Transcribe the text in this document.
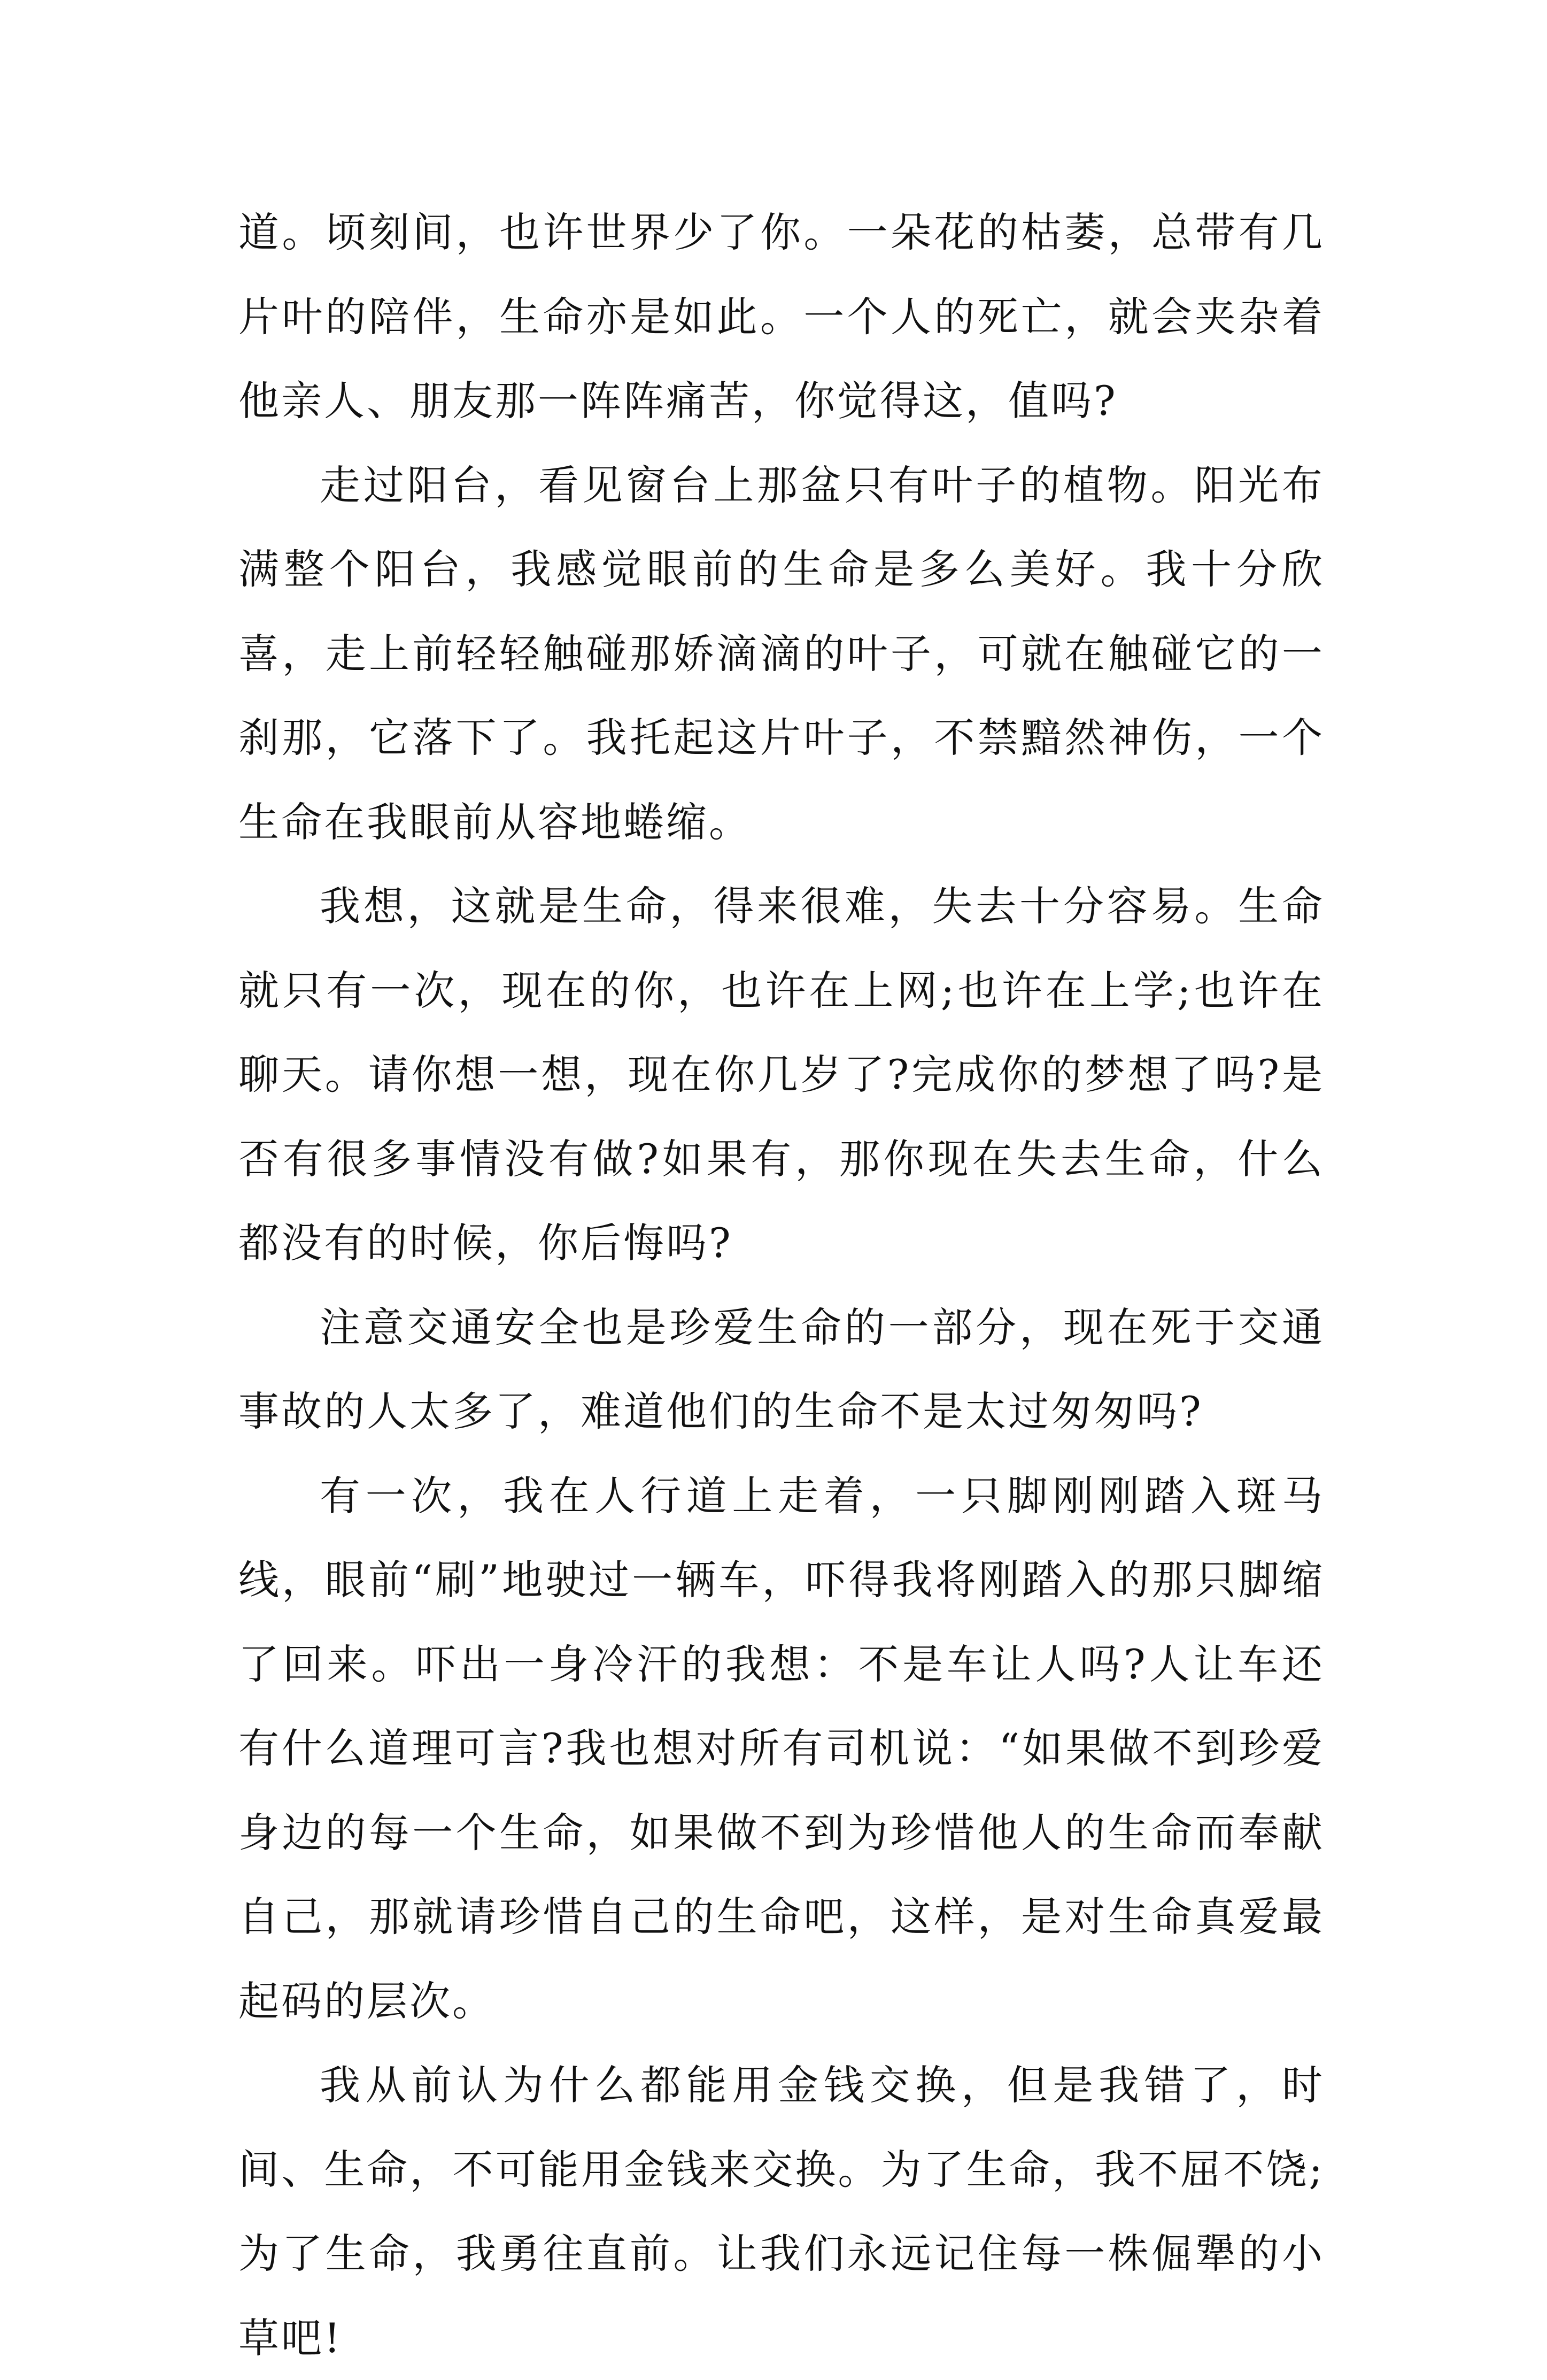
道。顷刻间，也许世界少了你。一朵花的枯萎，总带有几片叶的陪伴，生命亦是如此。一个人的死亡，就会夹杂着他亲人、朋友那一阵阵痛苦，你觉得这，值吗?

走过阳台，看见窗台上那盆只有叶子的植物。阳光布满整个阳台，我感觉眼前的生命是多么美好。我十分欣喜，走上前轻轻触碰那娇滴滴的叶子，可就在触碰它的一刹那，它落下了。我托起这片叶子，不禁黯然神伤，一个生命在我眼前从容地蜷缩。

我想，这就是生命，得来很难，失去十分容易。生命就只有一次，现在的你，也许在上网;也许在上学;也许在聊天。请你想一想，现在你几岁了?完成你的梦想了吗?是否有很多事情没有做?如果有，那你现在失去生命，什么都没有的时候，你后悔吗?

注意交通安全也是珍爱生命的一部分，现在死于交通事故的人太多了，难道他们的生命不是太过匆匆吗?

有一次，我在人行道上走着，一只脚刚刚踏入斑马线，眼前“刷”地驶过一辆车，吓得我将刚踏入的那只脚缩了回来。吓出一身冷汗的我想：不是车让人吗?人让车还有什么道理可言?我也想对所有司机说：“如果做不到珍爱身边的每一个生命，如果做不到为珍惜他人的生命而奉献自己，那就请珍惜自己的生命吧，这样，是对生命真爱最起码的层次。

我从前认为什么都能用金钱交换，但是我错了，时间、生命，不可能用金钱来交换。为了生命，我不屈不饶;为了生命，我勇往直前。让我们永远记住每一株倔犟的小草吧!
